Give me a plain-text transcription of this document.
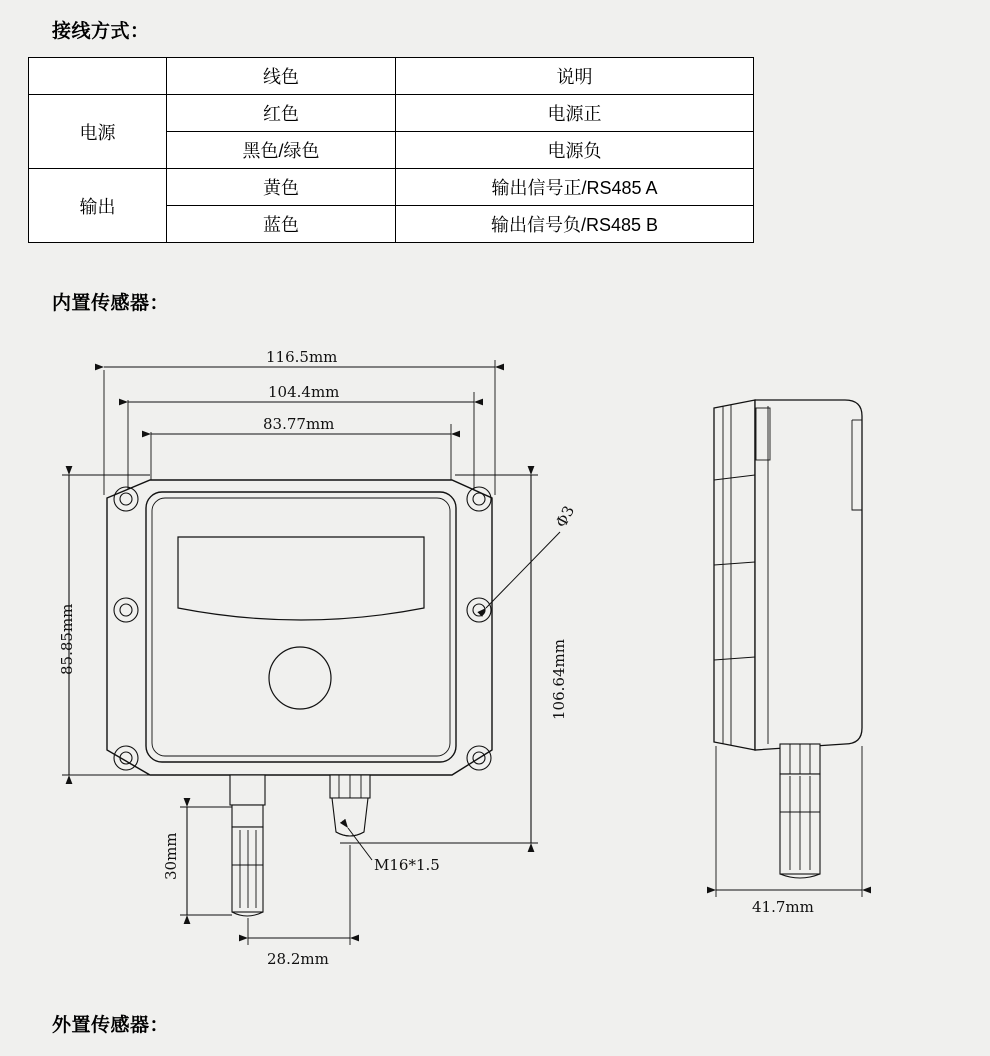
接线方式：
	线色	说明
电源	红色	电源正
	黑色/绿色	电源负
输出	黄色	输出信号正/RS485 A
	蓝色	输出信号负/RS485 B
内置传感器：
116.5mm
104.4mm
83.77mm
85.85mm	106.64mm
30mm
28.2mm
Φ3
M16*1.5
41.7mm
外置传感器：
